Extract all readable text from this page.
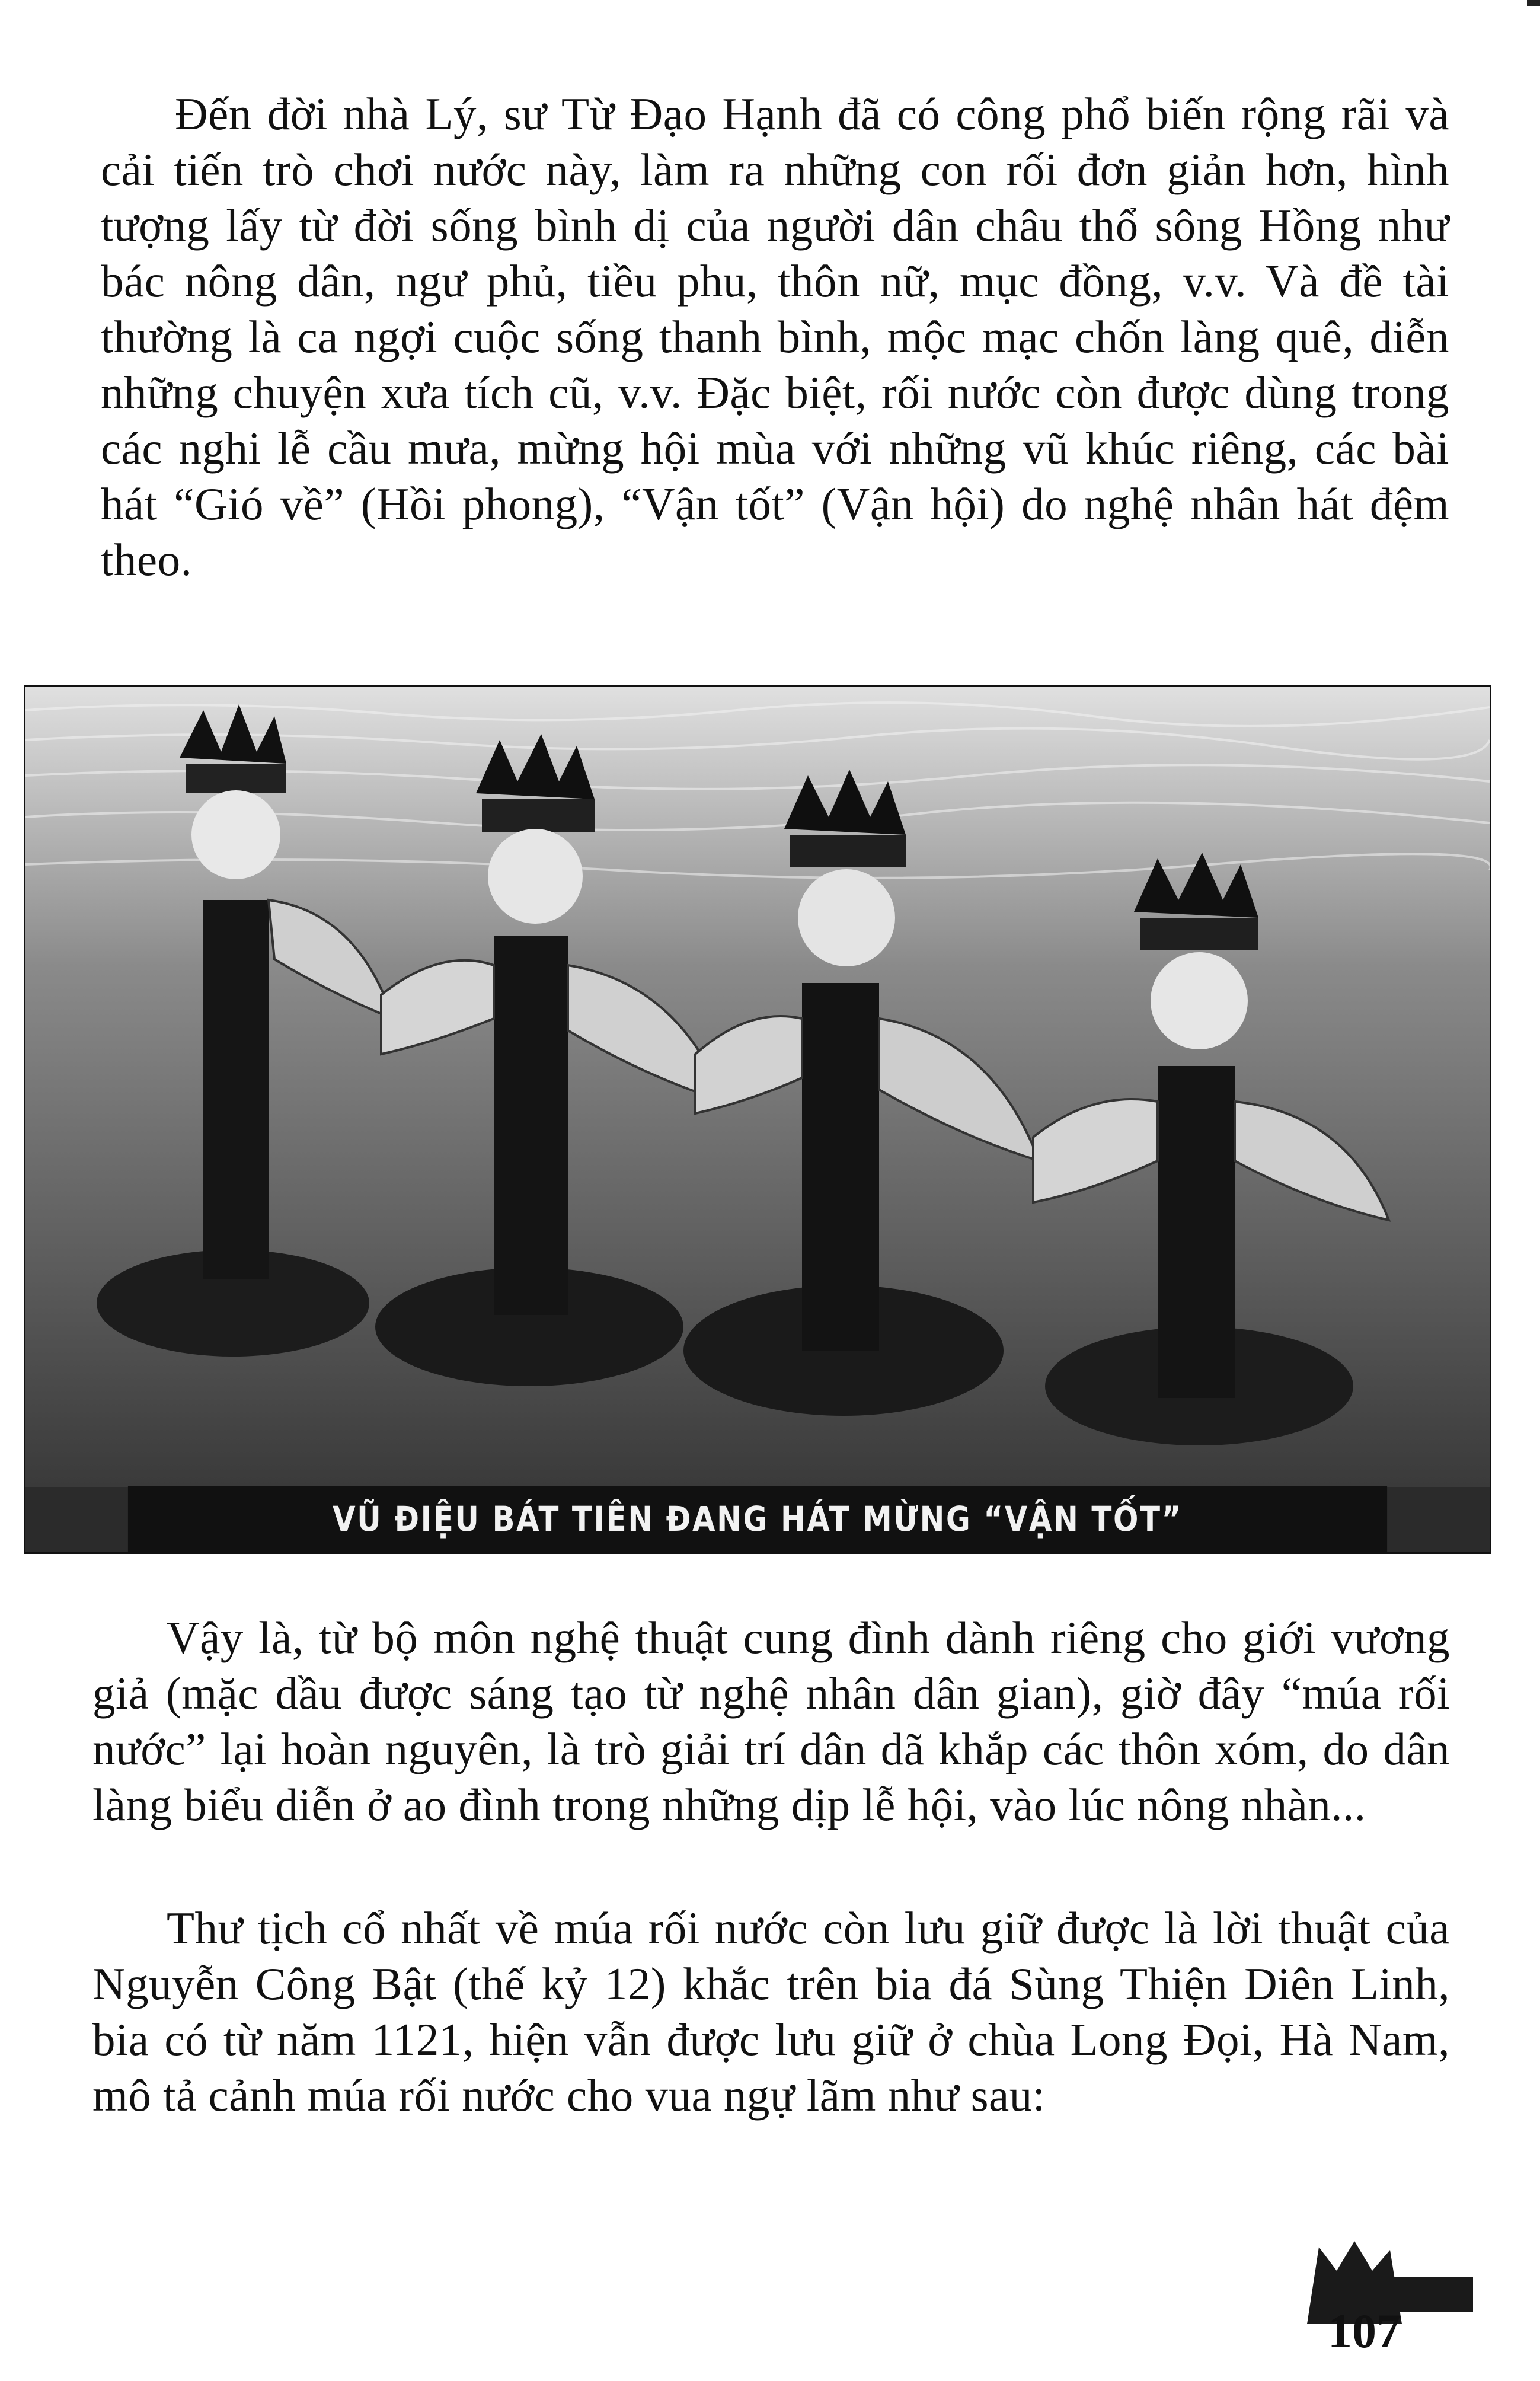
Đến đời nhà Lý, sư Từ Đạo Hạnh đã có công phổ biến rộng rãi và cải tiến trò chơi nước này, làm ra những con rối đơn giản hơn, hình tượng lấy từ đời sống bình dị của người dân châu thổ sông Hồng như bác nông dân, ngư phủ, tiều phu, thôn nữ, mục đồng, v.v. Và đề tài thường là ca ngợi cuộc sống thanh bình, mộc mạc chốn làng quê, diễn những chuyện xưa tích cũ, v.v. Đặc biệt, rối nước còn được dùng trong các nghi lễ cầu mưa, mừng hội mùa với những vũ khúc riêng, các bài hát “Gió về” (Hồi phong), “Vận tốt” (Vận hội) do nghệ nhân hát đệm theo.

VŨ ĐIỆU BÁT TIÊN ĐANG HÁT MỪNG “VẬN TỐT”

Vậy là, từ bộ môn nghệ thuật cung đình dành riêng cho giới vương giả (mặc dầu được sáng tạo từ nghệ nhân dân gian), giờ đây “múa rối nước” lại hoàn nguyên, là trò giải trí dân dã khắp các thôn xóm, do dân làng biểu diễn ở ao đình trong những dịp lễ hội, vào lúc nông nhàn...

Thư tịch cổ nhất về múa rối nước còn lưu giữ được là lời thuật của Nguyễn Công Bật (thế kỷ 12) khắc trên bia đá Sùng Thiện Diên Linh, bia có từ năm 1121, hiện vẫn được lưu giữ ở chùa Long Đọi, Hà Nam, mô tả cảnh múa rối nước cho vua ngự lãm như sau:

107
